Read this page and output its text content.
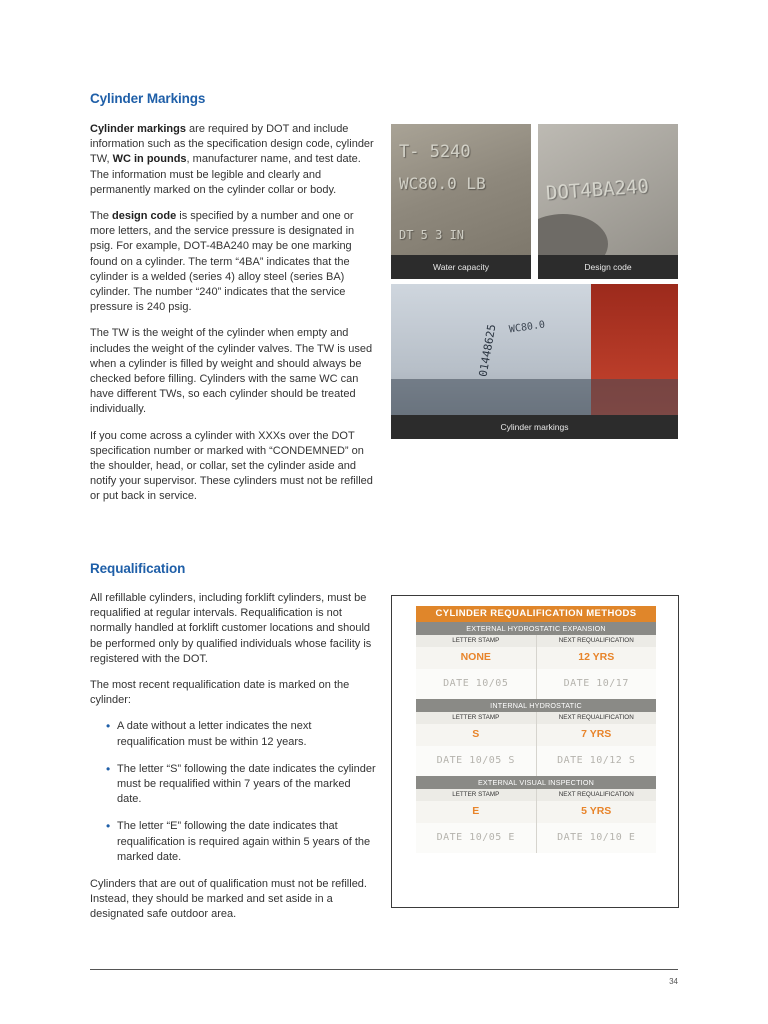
Cylinder Markings

Cylinder markings are required by DOT and include information such as the specification design code, cylinder TW, WC in pounds, manufacturer name, and test date. The information must be legible and clearly and permanently marked on the cylinder collar or body.

The design code is specified by a number and one or more letters, and the service pressure is designated in psig. For example, DOT-4BA240 may be one marking found on a cylinder. The term “4BA” indicates that the cylinder is a welded (series 4) alloy steel (series BA) cylinder. The number “240” indicates that the service pressure is 240 psig.

The TW is the weight of the cylinder when empty and includes the weight of the cylinder valves. The TW is used when a cylinder is filled by weight and should always be checked before filling. Cylinders with the same WC can have different TWs, so each cylinder should be treated individually.

If you come across a cylinder with XXXs over the DOT specification number or marked with “CONDEMNED” on the shoulder, head, or collar, set the cylinder aside and notify your supervisor. These cylinders must not be refilled or put back in service.

T- 5240
WC80.0 LB
DT 5 3 IN
Water capacity
DOT4BA240
Design code
01448625 WC80.0
Cylinder markings
Requalification

All refillable cylinders, including forklift cylinders, must be requalified at regular intervals. Requalification is not normally handled at forklift customer locations and should be performed only by qualified individuals whose facility is registered with the DOT.

The most recent requalification date is marked on the cylinder:

• A date without a letter indicates the next requalification must be within 12 years.
• The letter “S” following the date indicates the cylinder must be requalified within 7 years of the marked date.
• The letter “E” following the date indicates that requalification is required again within 5 years of the marked date.

Cylinders that are out of qualification must not be refilled. Instead, they should be marked and set aside in a designated safe outdoor area.

CYLINDER REQUALIFICATION METHODS
EXTERNAL HYDROSTATIC EXPANSION
LETTER STAMP	NEXT REQUALIFICATION
NONE	12 YRS
DATE 10/05	DATE 10/17
INTERNAL HYDROSTATIC
LETTER STAMP	NEXT REQUALIFICATION
S	7 YRS
DATE 10/05 S	DATE 10/12 S
EXTERNAL VISUAL INSPECTION
LETTER STAMP	NEXT REQUALIFICATION
E	5 YRS
DATE 10/05 E	DATE 10/10 E
34
